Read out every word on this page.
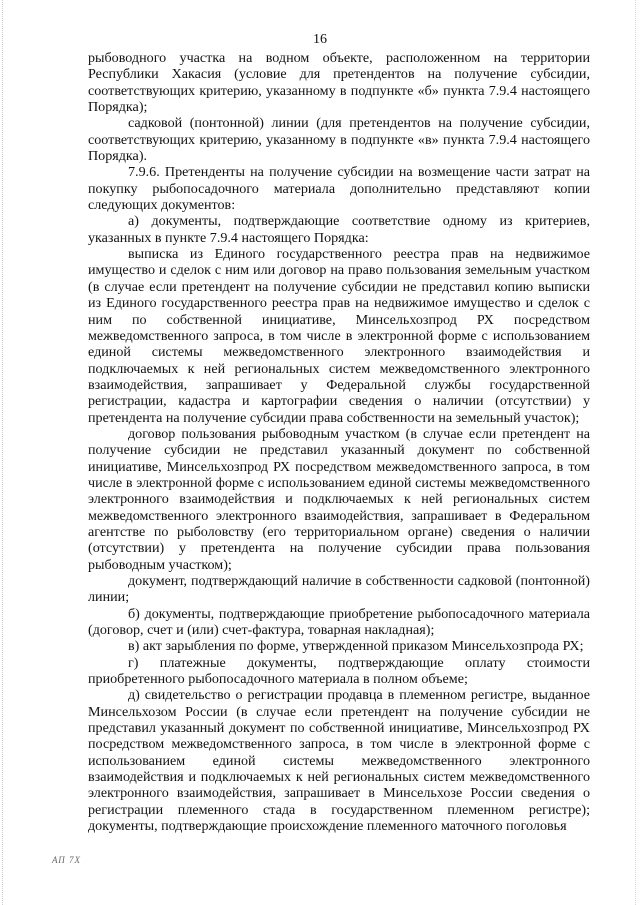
16

рыбоводного участка на водном объекте, расположенном на территории Республики Хакасия (условие для претендентов на получение субсидии, соответствующих критерию, указанному в подпункте «б» пункта 7.9.4 настоящего Порядка);

садковой (понтонной) линии (для претендентов на получение субсидии, соответствующих критерию, указанному в подпункте «в» пункта 7.9.4 настоящего Порядка).

7.9.6. Претенденты на получение субсидии на возмещение части затрат на покупку рыбопосадочного материала дополнительно представляют копии следующих документов:

а) документы, подтверждающие соответствие одному из критериев, указанных в пункте 7.9.4 настоящего Порядка:

выписка из Единого государственного реестра прав на недвижимое имущество и сделок с ним или договор на право пользования земельным участком (в случае если претендент на получение субсидии не представил копию выписки из Единого государственного реестра прав на недвижимое имущество и сделок с ним по собственной инициативе, Минсельхозпрод РХ посредством межведомственного запроса, в том числе в электронной форме с использованием единой системы межведомственного электронного взаимодействия и подключаемых к ней региональных систем межведомственного электронного взаимодействия, запрашивает у Федеральной службы государственной регистрации, кадастра и картографии сведения о наличии (отсутствии) у претендента на получение субсидии права собственности на земельный участок);

договор пользования рыбоводным участком (в случае если претендент на получение субсидии не представил указанный документ по собственной инициативе, Минсельхозпрод РХ посредством межведомственного запроса, в том числе в электронной форме с использованием единой системы межведомственного электронного взаимодействия и подключаемых к ней региональных систем межведомственного электронного взаимодействия, запрашивает в Федеральном агентстве по рыболовству (его территориальном органе) сведения о наличии (отсутствии) у претендента на получение субсидии права пользования рыбоводным участком);

документ, подтверждающий наличие в собственности садковой (понтонной) линии;

б) документы, подтверждающие приобретение рыбопосадочного материала (договор, счет и (или) счет-фактура, товарная накладная);

в) акт зарыбления по форме, утвержденной приказом Минсельхозпрода РХ;

г) платежные документы, подтверждающие оплату стоимости приобретенного рыбопосадочного материала в полном объеме;

д) свидетельство о регистрации продавца в племенном регистре, выданное Минсельхозом России (в случае если претендент на получение субсидии не представил указанный документ по собственной инициативе, Минсельхозпрод РХ посредством межведомственного запроса, в том числе в электронной форме с использованием единой системы межведомственного электронного взаимодействия и подключаемых к ней региональных систем межведомственного электронного взаимодействия, запрашивает в Минсельхозе России сведения о регистрации племенного стада в государственном племенном регистре); документы, подтверждающие происхождение племенного маточного поголовья

АП 7Х
